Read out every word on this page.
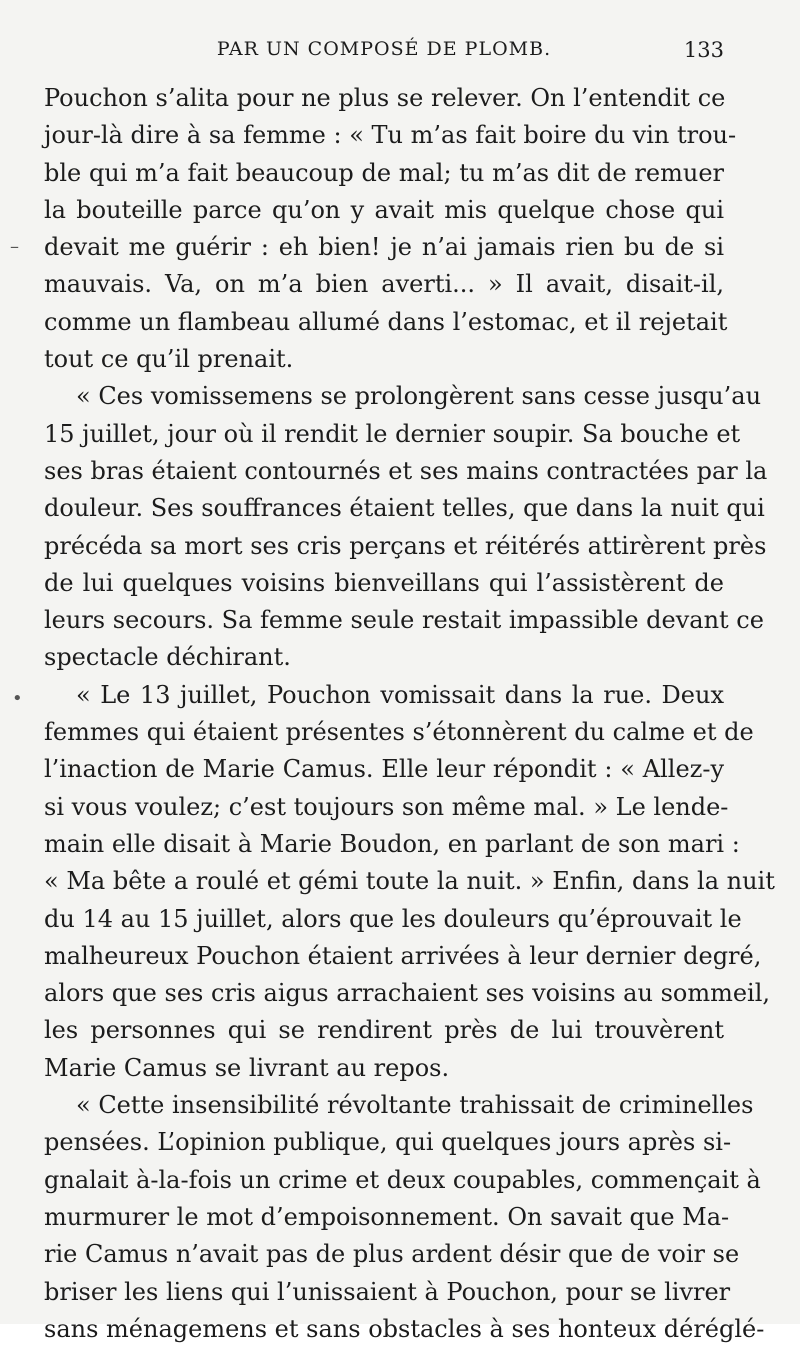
PAR UN COMPOSÉ DE PLOMB.	133
–
•
Pouchon s’alita pour ne plus se relever. On l’entendit ce
jour-là dire à sa femme : « Tu m’as fait boire du vin trou-
ble qui m’a fait beaucoup de mal; tu m’as dit de remuer
la bouteille parce qu’on y avait mis quelque chose qui
devait me guérir : eh bien! je n’ai jamais rien bu de si
mauvais. Va, on m’a bien averti... » Il avait, disait-il,
comme un flambeau allumé dans l’estomac, et il rejetait
tout ce qu’il prenait.
« Ces vomissemens se prolongèrent sans cesse jusqu’au
15 juillet, jour où il rendit le dernier soupir. Sa bouche et
ses bras étaient contournés et ses mains contractées par la
douleur. Ses souffrances étaient telles, que dans la nuit qui
précéda sa mort ses cris perçans et réitérés attirèrent près
de lui quelques voisins bienveillans qui l’assistèrent de
leurs secours. Sa femme seule restait impassible devant ce
spectacle déchirant.
« Le 13 juillet, Pouchon vomissait dans la rue. Deux
femmes qui étaient présentes s’étonnèrent du calme et de
l’inaction de Marie Camus. Elle leur répondit : « Allez-y
si vous voulez; c’est toujours son même mal. » Le lende-
main elle disait à Marie Boudon, en parlant de son mari :
« Ma bête a roulé et gémi toute la nuit. » Enfin, dans la nuit
du 14 au 15 juillet, alors que les douleurs qu’éprouvait le
malheureux Pouchon étaient arrivées à leur dernier degré,
alors que ses cris aigus arrachaient ses voisins au sommeil,
les personnes qui se rendirent près de lui trouvèrent
Marie Camus se livrant au repos.
« Cette insensibilité révoltante trahissait de criminelles
pensées. L’opinion publique, qui quelques jours après si-
gnalait à-la-fois un crime et deux coupables, commençait à
murmurer le mot d’empoisonnement. On savait que Ma-
rie Camus n’avait pas de plus ardent désir que de voir se
briser les liens qui l’unissaient à Pouchon, pour se livrer
sans ménagemens et sans obstacles à ses honteux déréglé-
